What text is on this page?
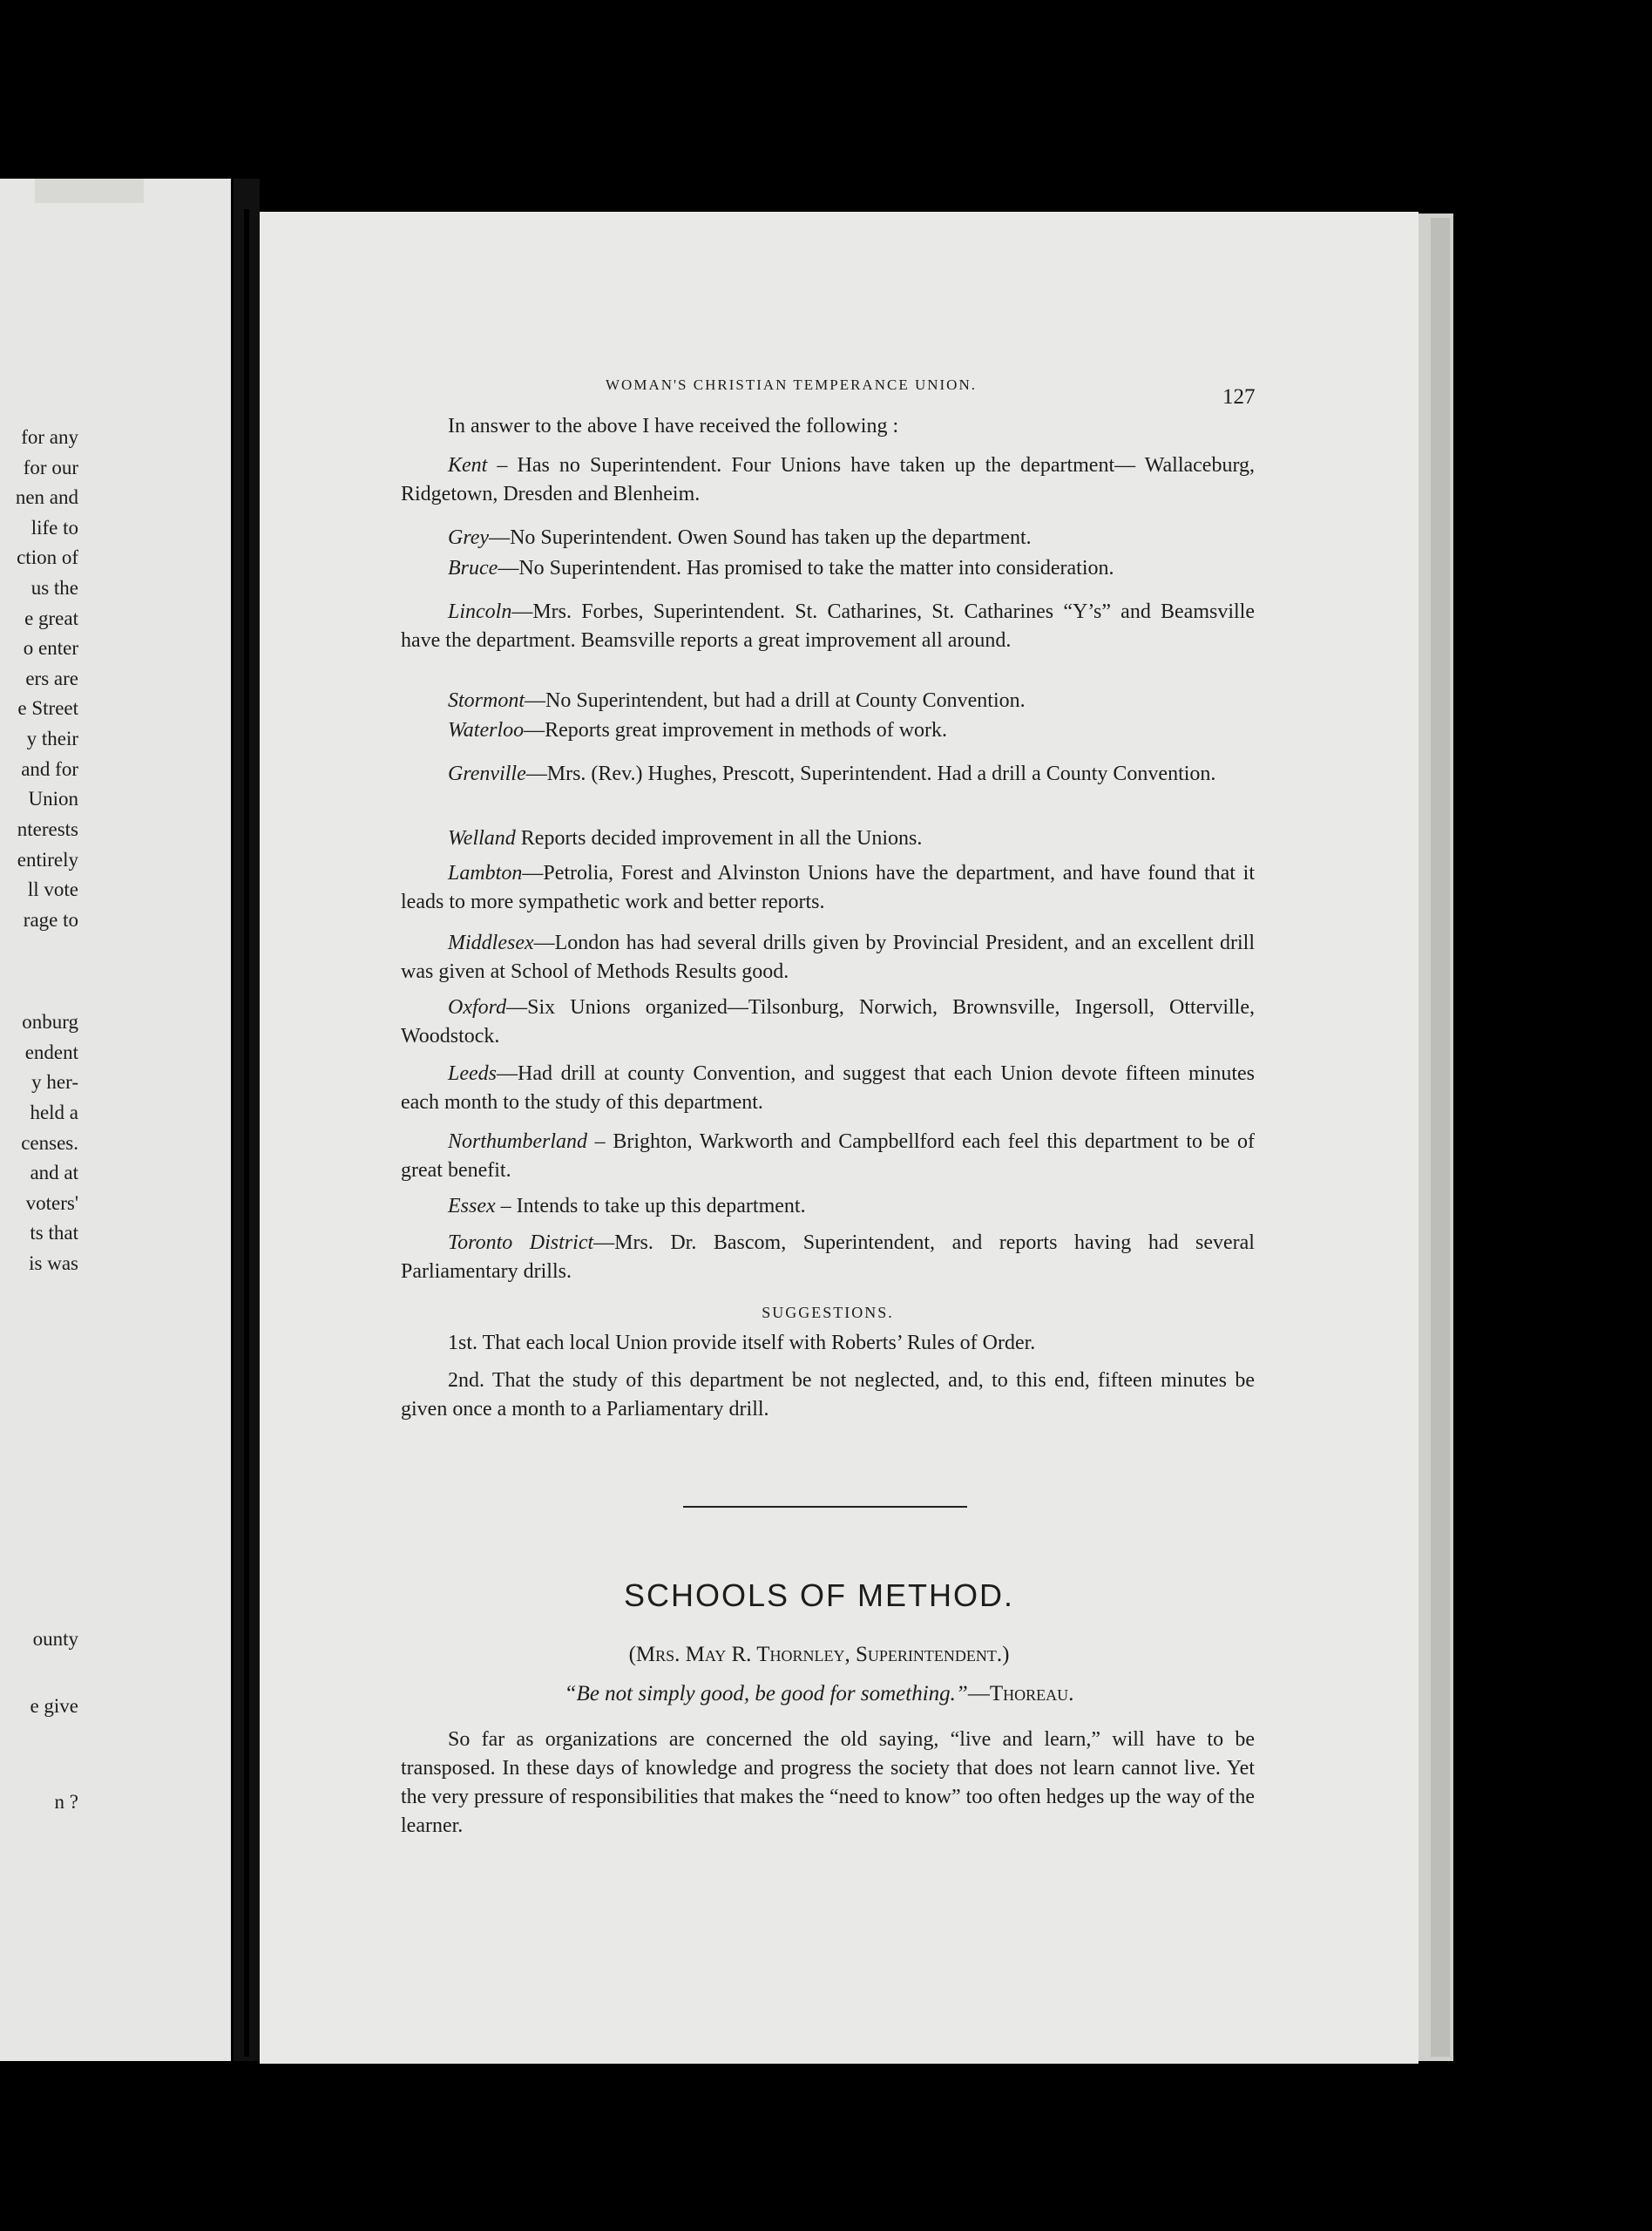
for any
for our
nen and
life to
ction of
us the
e great
o enter
ers are
e Street
y their
and for
Union
nterests
entirely
ll vote
rage to
onburg
endent
y her-
held a
censes.
and at
voters'
ts that
is was
ounty
e give
n ?
WOMAN'S CHRISTIAN TEMPERANCE UNION.
127
In answer to the above I have received the following :
Kent – Has no Superintendent. Four Unions have taken up the department— Wallaceburg, Ridgetown, Dresden and Blenheim.
Grey—No Superintendent. Owen Sound has taken up the department.
Bruce—No Superintendent. Has promised to take the matter into consideration.
Lincoln—Mrs. Forbes, Superintendent. St. Catharines, St. Catharines “Y’s” and Beamsville have the department. Beamsville reports a great improvement all around.
Stormont—No Superintendent, but had a drill at County Convention.
Waterloo—Reports great improvement in methods of work.
Grenville—Mrs. (Rev.) Hughes, Prescott, Superintendent. Had a drill a County Convention.
Welland Reports decided improvement in all the Unions.
Lambton—Petrolia, Forest and Alvinston Unions have the department, and have found that it leads to more sympathetic work and better reports.
Middlesex—London has had several drills given by Provincial President, and an excellent drill was given at School of Methods Results good.
Oxford—Six Unions organized—Tilsonburg, Norwich, Brownsville, Ingersoll, Otterville, Woodstock.
Leeds—Had drill at county Convention, and suggest that each Union devote fifteen minutes each month to the study of this department.
Northumberland – Brighton, Warkworth and Campbellford each feel this department to be of great benefit.
Essex – Intends to take up this department.
Toronto District—Mrs. Dr. Bascom, Superintendent, and reports having had several Parliamentary drills.
SUGGESTIONS.
1st. That each local Union provide itself with Roberts’ Rules of Order.
2nd. That the study of this department be not neglected, and, to this end, fifteen minutes be given once a month to a Parliamentary drill.
SCHOOLS OF METHOD.
(Mrs. May R. Thornley, Superintendent.)
“Be not simply good, be good for something.”—Thoreau.
So far as organizations are concerned the old saying, “live and learn,” will have to be transposed. In these days of knowledge and progress the society that does not learn cannot live. Yet the very pressure of responsibilities that makes the “need to know” too often hedges up the way of the learner.
